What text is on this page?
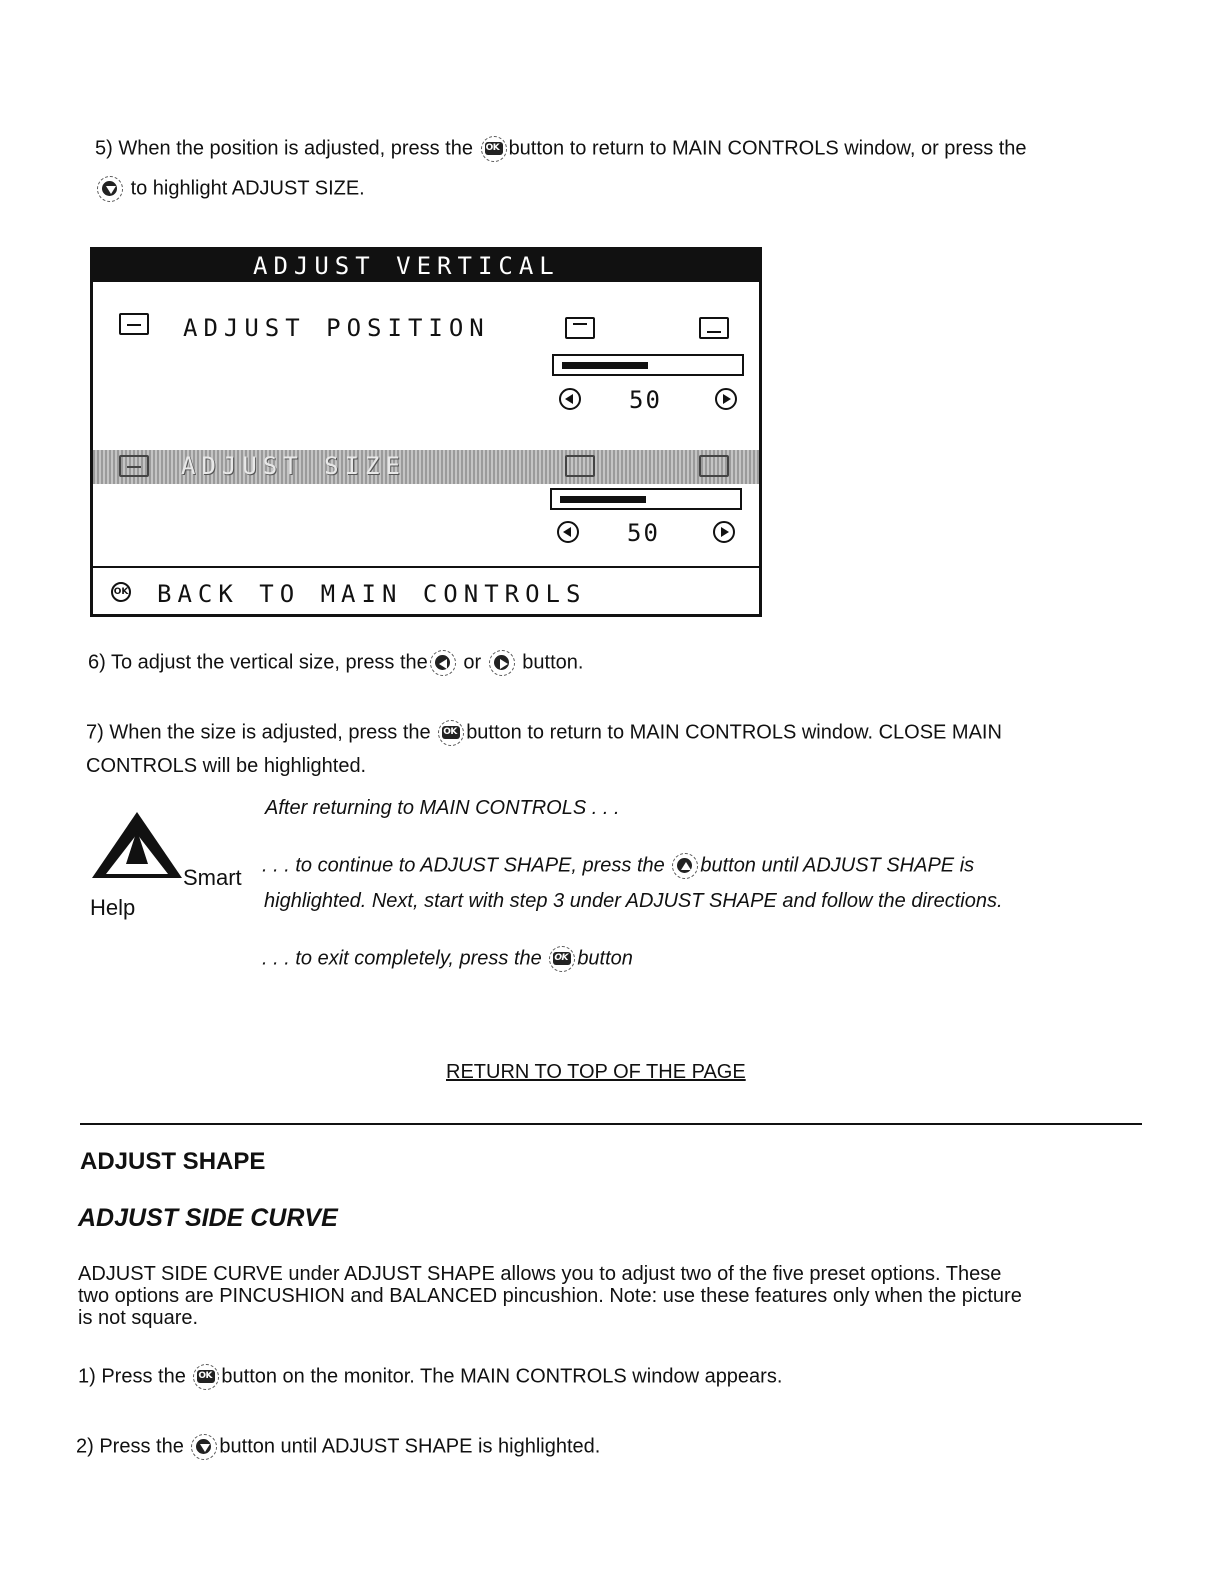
5) When the position is adjusted, press the OK button to return to MAIN CONTROLS window, or press the

to highlight ADJUST SIZE.

ADJUST VERTICAL
ADJUST POSITION
50
ADJUST SIZE
50
OK BACK TO MAIN CONTROLS

6) To adjust the vertical size, press the or button.

7) When the size is adjusted, press the OK button to return to MAIN CONTROLS window. CLOSE MAIN

CONTROLS will be highlighted.

Smart
Help

After returning to MAIN CONTROLS . . .

. . . to continue to ADJUST SHAPE, press the button until ADJUST SHAPE is

highlighted. Next, start with step 3 under ADJUST SHAPE and follow the directions.

. . . to exit completely, press the OK button

RETURN TO TOP OF THE PAGE
ADJUST SHAPE
ADJUST SIDE CURVE

ADJUST SIDE CURVE under ADJUST SHAPE allows you to adjust two of the five preset options. These
two options are PINCUSHION and BALANCED pincushion. Note: use these features only when the picture
is not square.

1) Press the OK button on the monitor. The MAIN CONTROLS window appears.

2) Press the button until ADJUST SHAPE is highlighted.
